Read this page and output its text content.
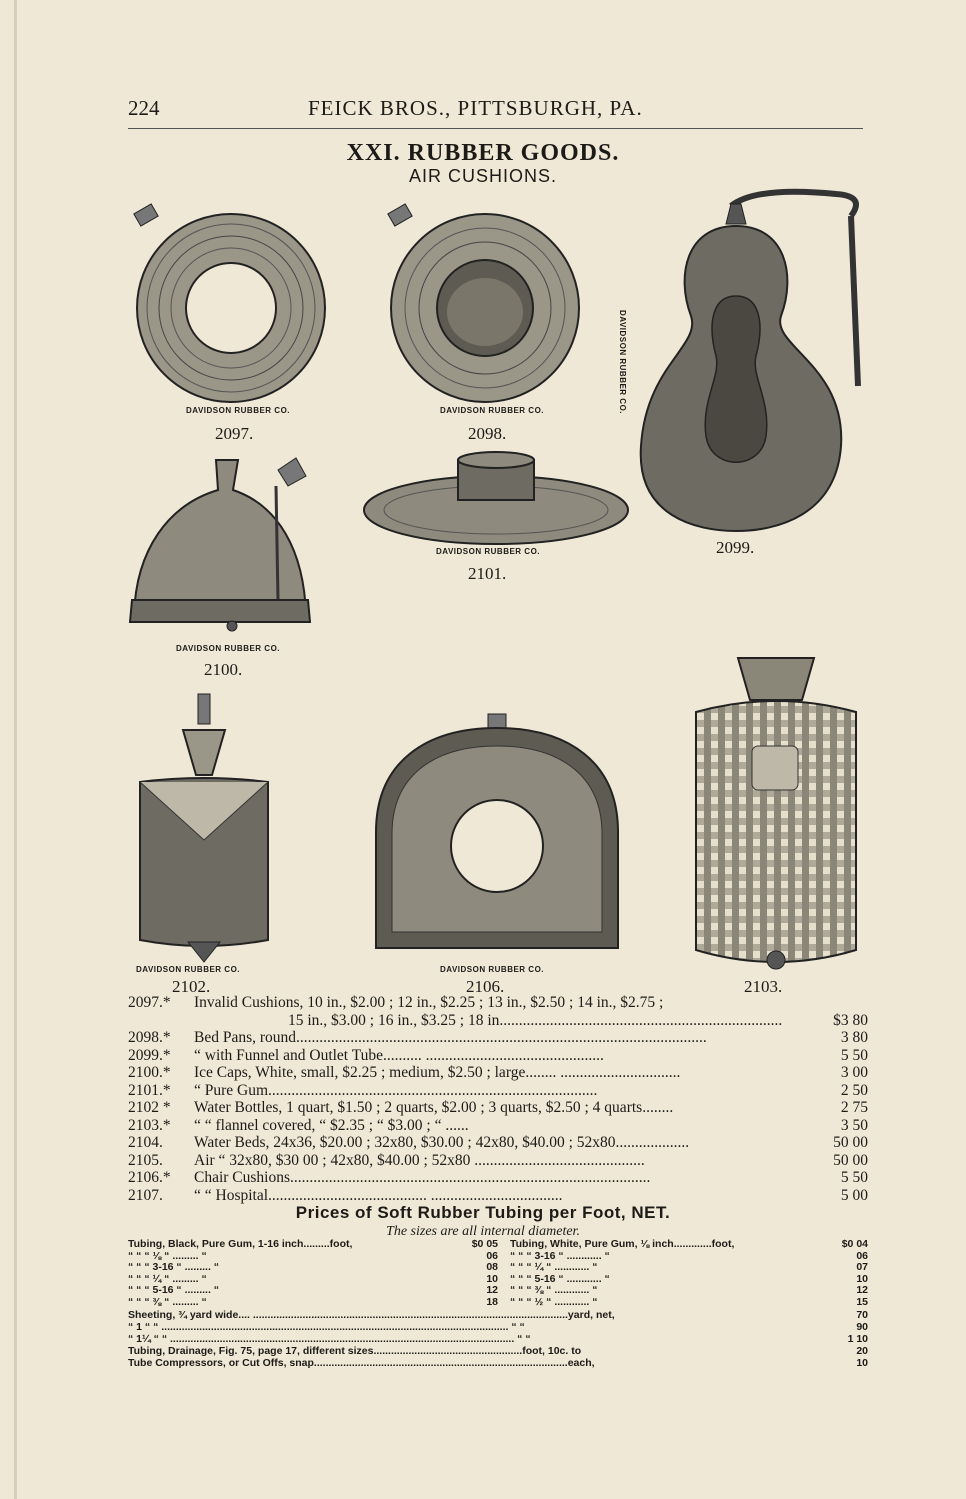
224	FEICK BROS., PITTSBURGH, PA.
XXI. RUBBER GOODS.
AIR CUSHIONS.
DAVIDSON RUBBER CO.
2097.
DAVIDSON RUBBER CO.
2098.
DAVIDSON RUBBER CO.
2099.
DAVIDSON RUBBER CO.
2100.
DAVIDSON RUBBER CO.
2101.
DAVIDSON RUBBER CO.
2102.
DAVIDSON RUBBER CO.
2106.	2103.
2097.*	Invalid Cushions, 10 in., $2.00 ; 12 in., $2.25 ; 13 in., $2.50 ; 14 in., $2.75 ;
15 in., $3.00 ; 16 in., $3.25 ; 18 in.........................................................................	$3 80
2098.*	Bed Pans, round..........................................................................................................	3 80
2099.*	“ with Funnel and Outlet Tube.......... ..............................................	5 50
2100.*	Ice Caps, White, small, $2.25 ; medium, $2.50 ; large........ ...............................	3 00
2101.*	“ Pure Gum.....................................................................................	2 50
2102 *	Water Bottles, 1 quart, $1.50 ; 2 quarts, $2.00 ; 3 quarts, $2.50 ; 4 quarts........	2 75
2103.*	“ “ flannel covered, “ $2.35 ; “ $3.00 ; “ ......	3 50
2104.	Water Beds, 24x36, $20.00 ; 32x80, $30.00 ; 42x80, $40.00 ; 52x80...................	50 00
2105.	Air “ 32x80, $30 00 ; 42x80, $40.00 ; 52x80 ............................................	50 00
2106.*	Chair Cushions.............................................................................................	5 50
2107.	“ “ Hospital......................................... ..................................	5 00
Prices of Soft Rubber Tubing per Foot, NET.
The sizes are all internal diameter.
Tubing, Black, Pure Gum, 1-16 inch.........foot,	$0 05	Tubing, White, Pure Gum, ⅛ inch.............foot,	$0 04
“ “ “ ⅛ “ ......... “	06	“ “ “ 3-16 “ ............ “	06
“ “ “ 3-16 “ ......... “	08	“ “ “ ¼ “ ............ “	07
“ “ “ ¼ “ ......... “	10	“ “ “ 5-16 “ ............ “	10
“ “ “ 5-16 “ ......... “	12	“ “ “ ⅜ “ ............ “	12
“ “ “ ⅜ “ ......... “	18	“ “ “ ½ “ ............ “	15
Sheeting, ¾ yard wide.... ............................................................................................................yard, net,	70
“ 1 “ “ ....................................................................................................................... “ “	90
“ 1¼ “ “ ...................................................................................................................... “ “	1 10
Tubing, Drainage, Fig. 75, page 17, different sizes...................................................foot, 10c. to	20
Tube Compressors, or Cut Offs, snap.......................................................................................each,	10
